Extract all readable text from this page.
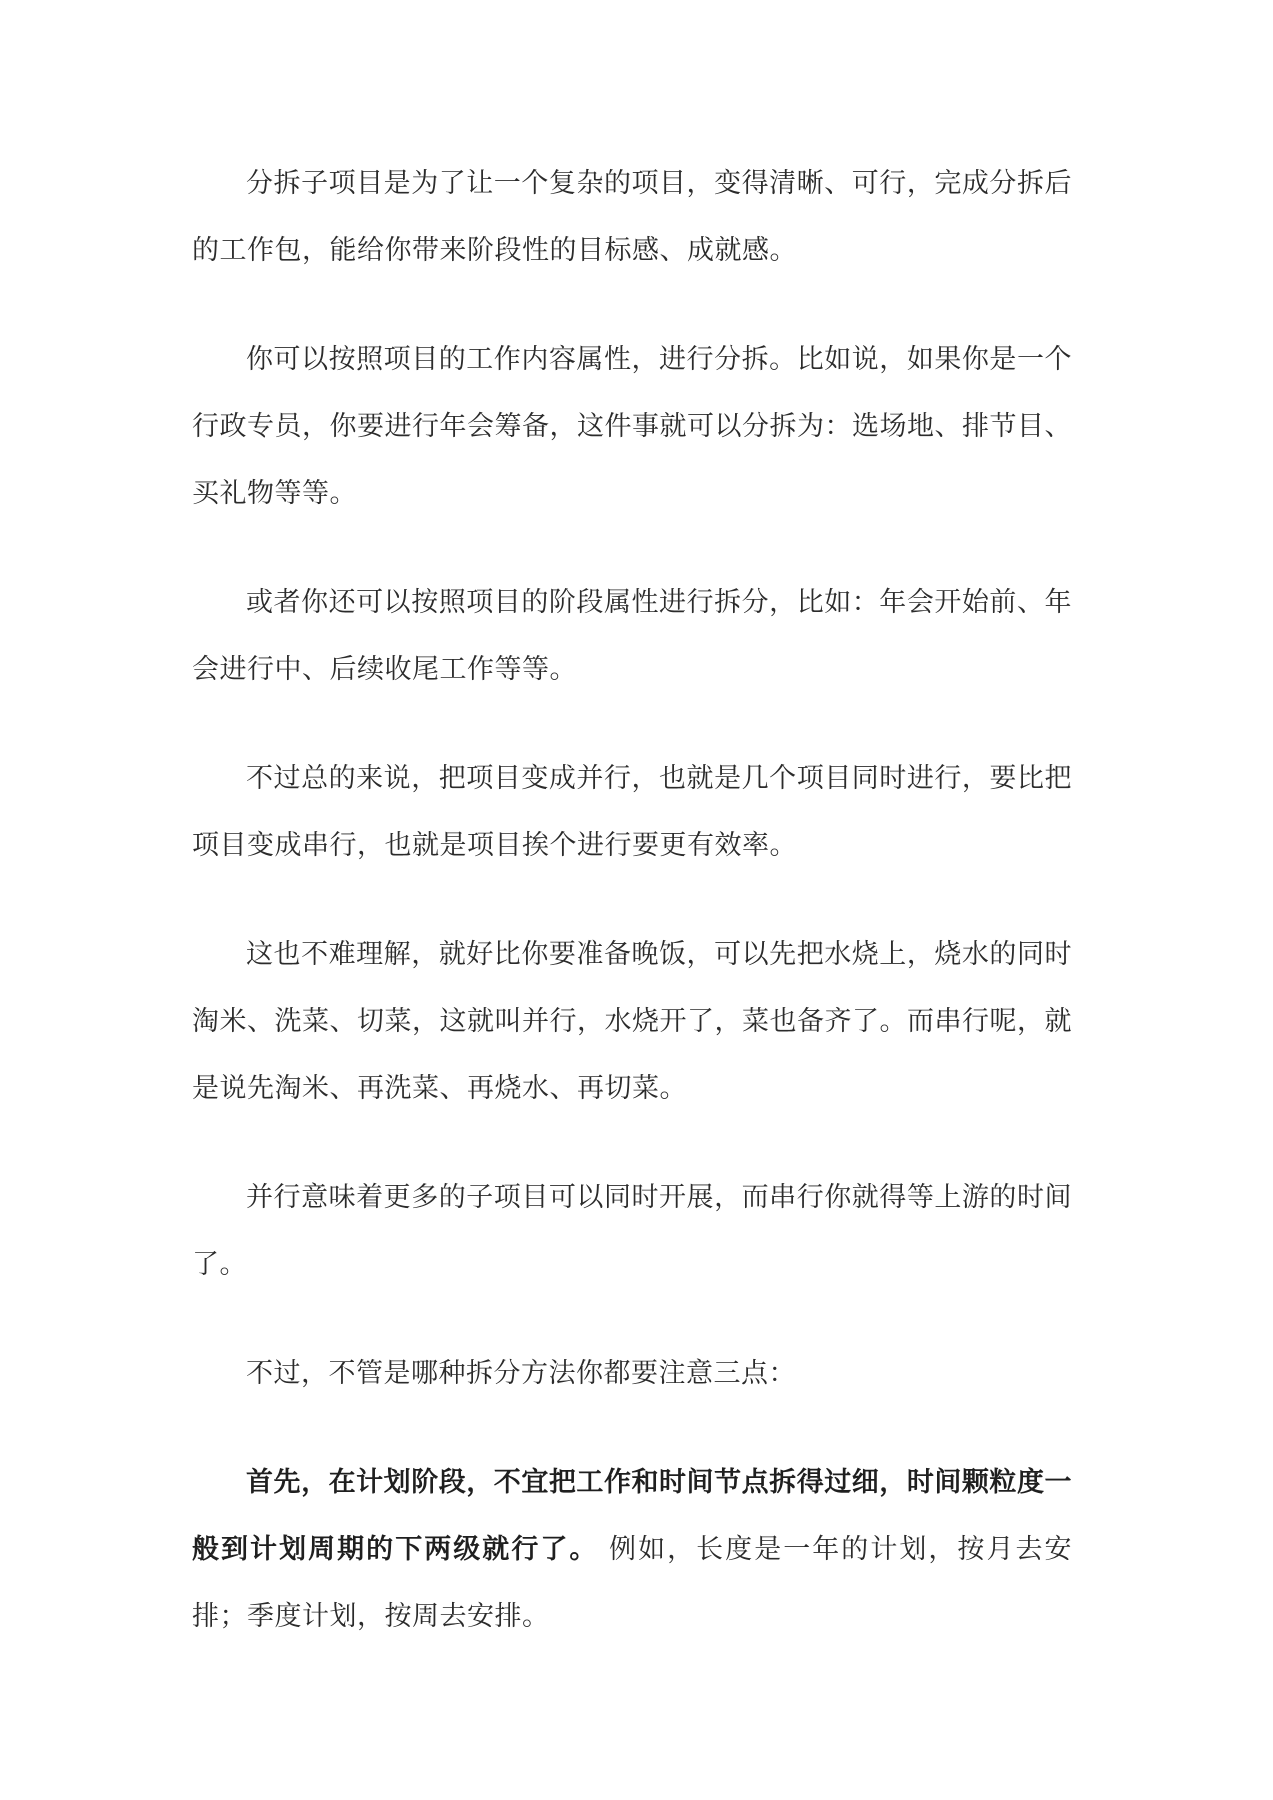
分拆子项目是为了让一个复杂的项目，变得清晰、可行，完成分拆后的工作包，能给你带来阶段性的目标感、成就感。

你可以按照项目的工作内容属性，进行分拆。比如说，如果你是一个行政专员，你要进行年会筹备，这件事就可以分拆为：选场地、排节目、买礼物等等。

或者你还可以按照项目的阶段属性进行拆分，比如：年会开始前、年会进行中、后续收尾工作等等。

不过总的来说，把项目变成并行，也就是几个项目同时进行，要比把项目变成串行，也就是项目挨个进行要更有效率。

这也不难理解，就好比你要准备晚饭，可以先把水烧上，烧水的同时淘米、洗菜、切菜，这就叫并行，水烧开了，菜也备齐了。而串行呢，就是说先淘米、再洗菜、再烧水、再切菜。

并行意味着更多的子项目可以同时开展，而串行你就得等上游的时间了。

不过，不管是哪种拆分方法你都要注意三点：

首先，在计划阶段，不宜把工作和时间节点拆得过细，时间颗粒度一般到计划周期的下两级就行了。 例如，长度是一年的计划，按月去安排；季度计划，按周去安排。
